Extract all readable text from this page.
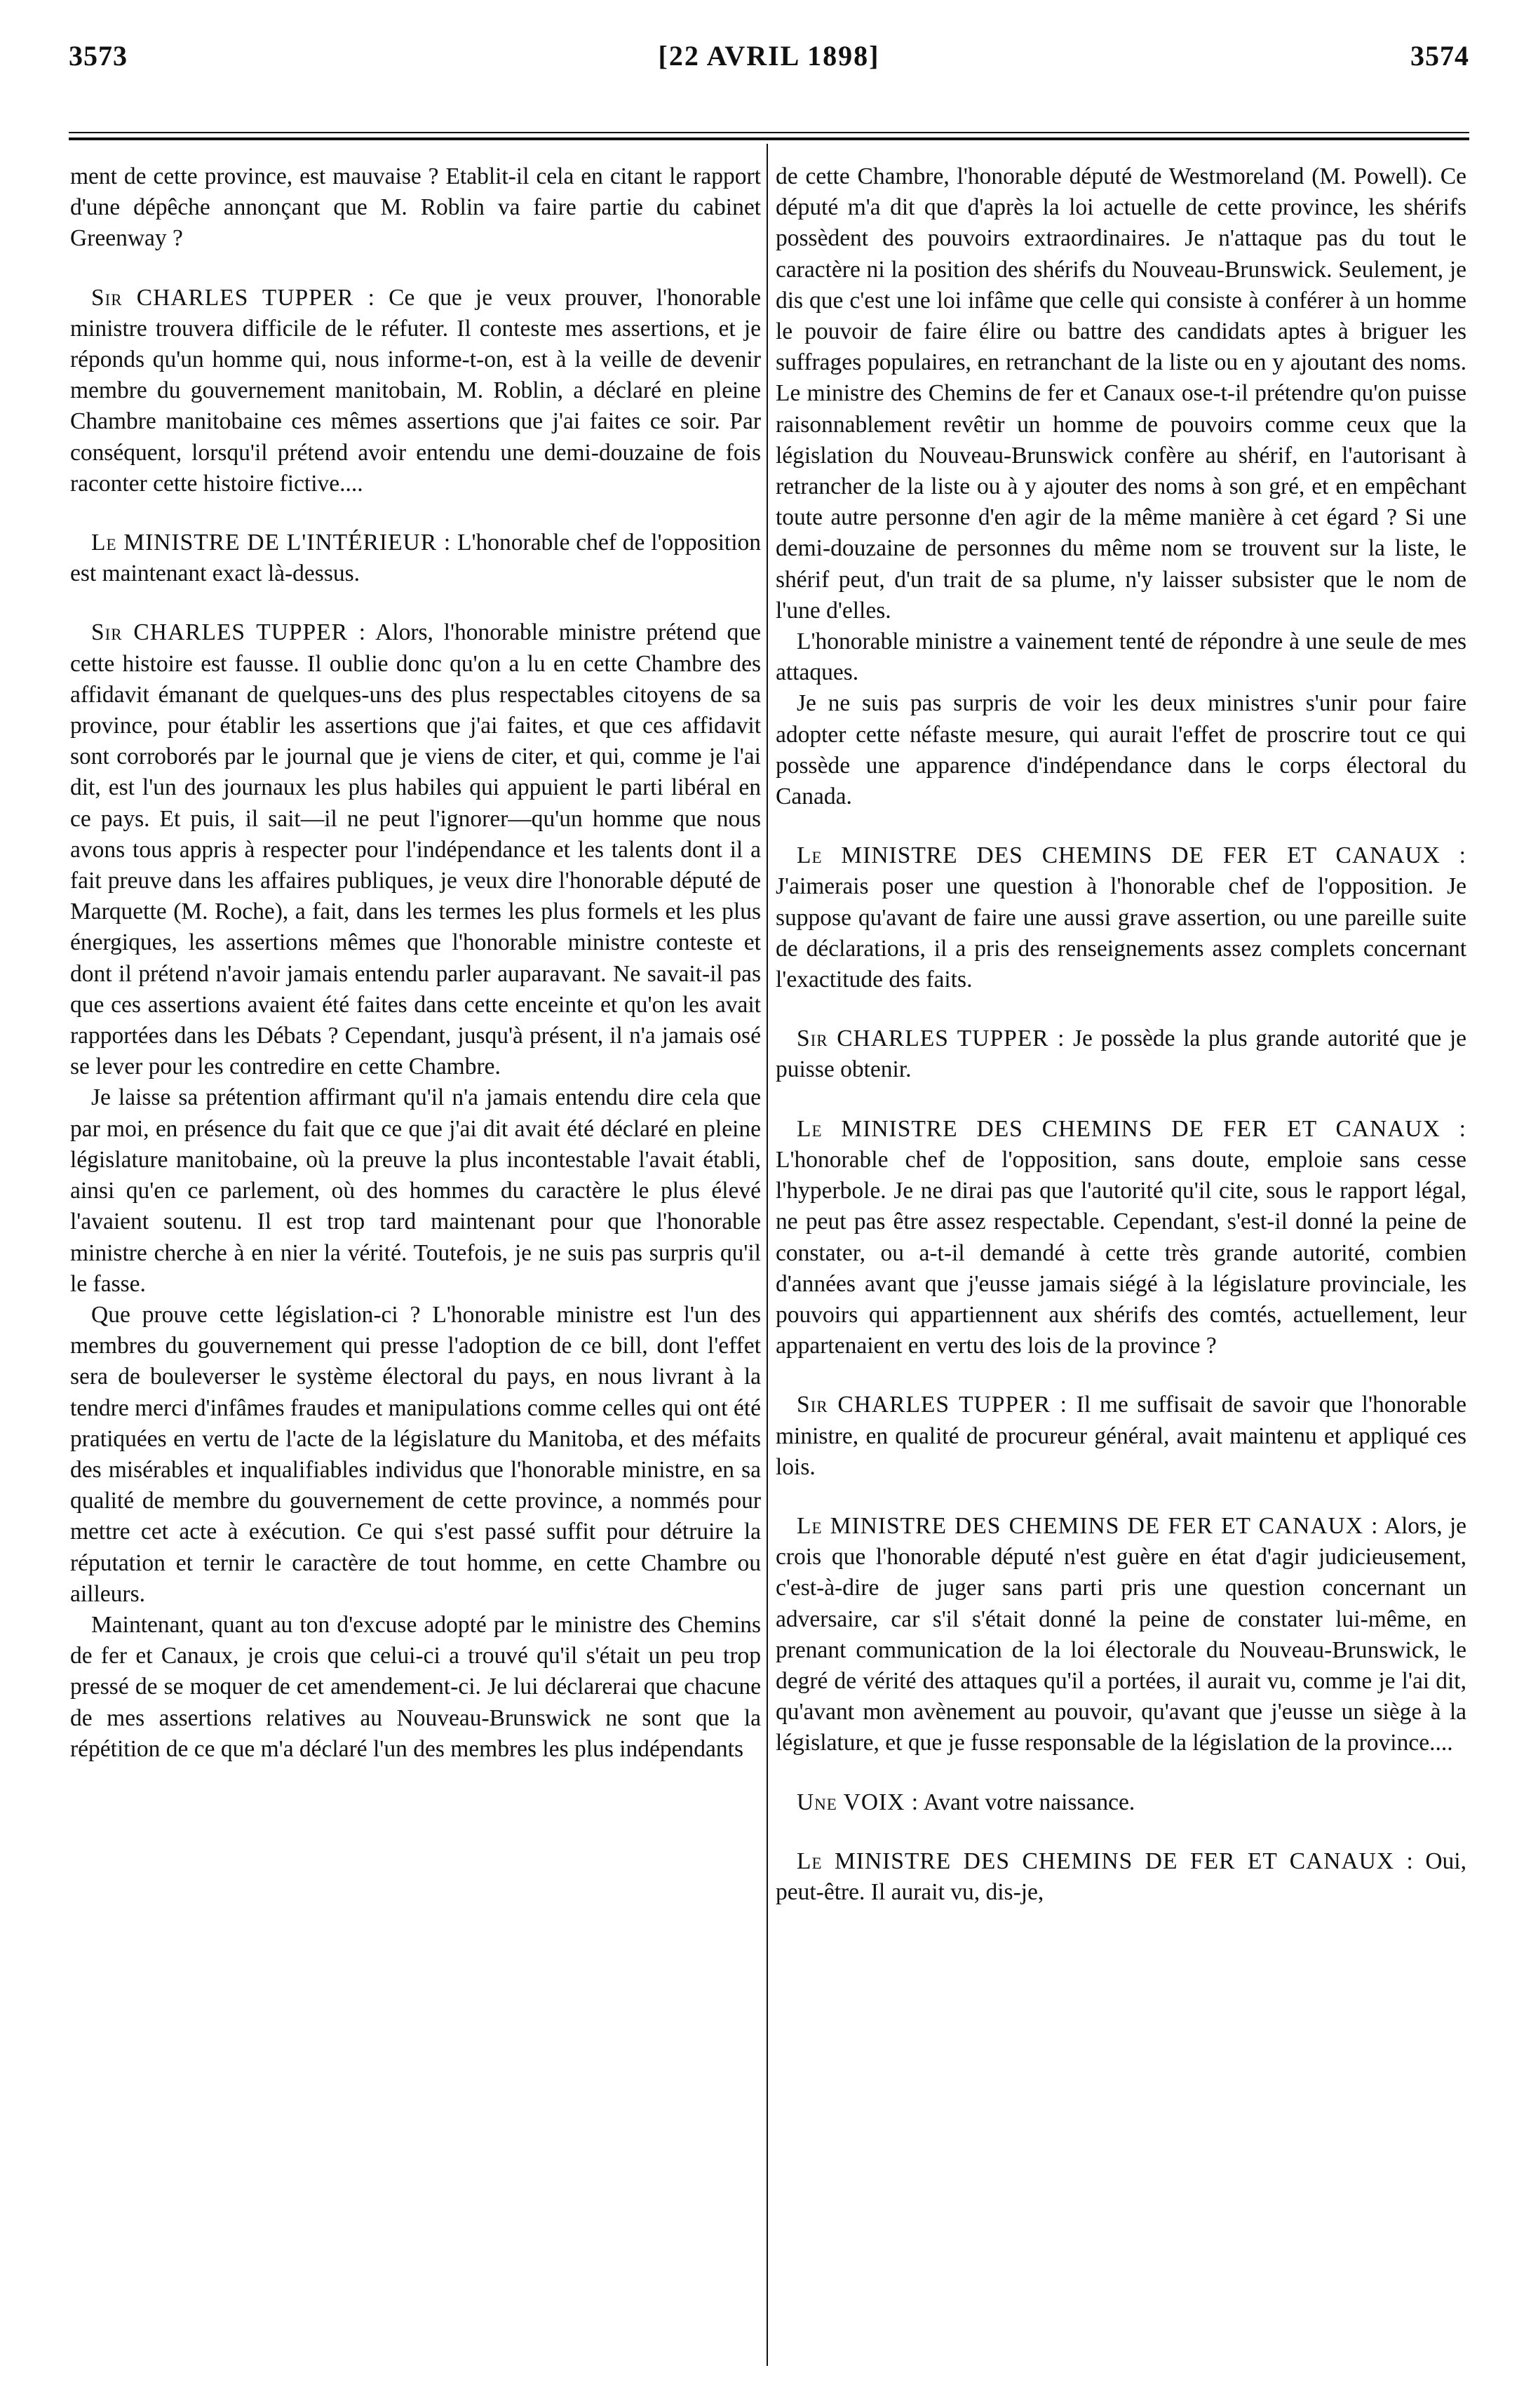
3573	[22 AVRIL 1898]	3574

ment de cette province, est mauvaise ? Etablit-il cela en citant le rapport d'une dépêche annonçant que M. Roblin va faire partie du cabinet Greenway ?

Sir CHARLES TUPPER : Ce que je veux prouver, l'honorable ministre trouvera difficile de le réfuter. Il conteste mes assertions, et je réponds qu'un homme qui, nous informe-t-on, est à la veille de devenir membre du gouvernement manitobain, M. Roblin, a déclaré en pleine Chambre manitobaine ces mêmes assertions que j'ai faites ce soir. Par conséquent, lorsqu'il prétend avoir entendu une demi-douzaine de fois raconter cette histoire fictive....

Le MINISTRE DE L'INTÉRIEUR : L'honorable chef de l'opposition est maintenant exact là-dessus.

Sir CHARLES TUPPER : Alors, l'honorable ministre prétend que cette histoire est fausse. Il oublie donc qu'on a lu en cette Chambre des affidavit émanant de quelques-uns des plus respectables citoyens de sa province, pour établir les assertions que j'ai faites, et que ces affidavit sont corroborés par le journal que je viens de citer, et qui, comme je l'ai dit, est l'un des journaux les plus habiles qui appuient le parti libéral en ce pays. Et puis, il sait—il ne peut l'ignorer—qu'un homme que nous avons tous appris à respecter pour l'indépendance et les talents dont il a fait preuve dans les affaires publiques, je veux dire l'honorable député de Marquette (M. Roche), a fait, dans les termes les plus formels et les plus énergiques, les assertions mêmes que l'honorable ministre conteste et dont il prétend n'avoir jamais entendu parler auparavant. Ne savait-il pas que ces assertions avaient été faites dans cette enceinte et qu'on les avait rapportées dans les Débats ? Cependant, jusqu'à présent, il n'a jamais osé se lever pour les contredire en cette Chambre.

Je laisse sa prétention affirmant qu'il n'a jamais entendu dire cela que par moi, en présence du fait que ce que j'ai dit avait été déclaré en pleine législature manitobaine, où la preuve la plus incontestable l'avait établi, ainsi qu'en ce parlement, où des hommes du caractère le plus élevé l'avaient soutenu. Il est trop tard maintenant pour que l'honorable ministre cherche à en nier la vérité. Toutefois, je ne suis pas surpris qu'il le fasse.

Que prouve cette législation-ci ? L'honorable ministre est l'un des membres du gouvernement qui presse l'adoption de ce bill, dont l'effet sera de bouleverser le système électoral du pays, en nous livrant à la tendre merci d'infâmes fraudes et manipulations comme celles qui ont été pratiquées en vertu de l'acte de la législature du Manitoba, et des méfaits des misérables et inqualifiables individus que l'honorable ministre, en sa qualité de membre du gouvernement de cette province, a nommés pour mettre cet acte à exécution. Ce qui s'est passé suffit pour détruire la réputation et ternir le caractère de tout homme, en cette Chambre ou ailleurs.

Maintenant, quant au ton d'excuse adopté par le ministre des Chemins de fer et Canaux, je crois que celui-ci a trouvé qu'il s'était un peu trop pressé de se moquer de cet amendement-ci. Je lui déclarerai que chacune de mes assertions relatives au Nouveau-Brunswick ne sont que la répétition de ce que m'a déclaré l'un des membres les plus indépendants

de cette Chambre, l'honorable député de Westmoreland (M. Powell). Ce député m'a dit que d'après la loi actuelle de cette province, les shérifs possèdent des pouvoirs extraordinaires. Je n'attaque pas du tout le caractère ni la position des shérifs du Nouveau-Brunswick. Seulement, je dis que c'est une loi infâme que celle qui consiste à conférer à un homme le pouvoir de faire élire ou battre des candidats aptes à briguer les suffrages populaires, en retranchant de la liste ou en y ajoutant des noms. Le ministre des Chemins de fer et Canaux ose-t-il prétendre qu'on puisse raisonnablement revêtir un homme de pouvoirs comme ceux que la législation du Nouveau-Brunswick confère au shérif, en l'autorisant à retrancher de la liste ou à y ajouter des noms à son gré, et en empêchant toute autre personne d'en agir de la même manière à cet égard ? Si une demi-douzaine de personnes du même nom se trouvent sur la liste, le shérif peut, d'un trait de sa plume, n'y laisser subsister que le nom de l'une d'elles.

L'honorable ministre a vainement tenté de répondre à une seule de mes attaques.

Je ne suis pas surpris de voir les deux ministres s'unir pour faire adopter cette néfaste mesure, qui aurait l'effet de proscrire tout ce qui possède une apparence d'indépendance dans le corps électoral du Canada.

Le MINISTRE DES CHEMINS DE FER ET CANAUX : J'aimerais poser une question à l'honorable chef de l'opposition. Je suppose qu'avant de faire une aussi grave assertion, ou une pareille suite de déclarations, il a pris des renseignements assez complets concernant l'exactitude des faits.

Sir CHARLES TUPPER : Je possède la plus grande autorité que je puisse obtenir.

Le MINISTRE DES CHEMINS DE FER ET CANAUX : L'honorable chef de l'opposition, sans doute, emploie sans cesse l'hyperbole. Je ne dirai pas que l'autorité qu'il cite, sous le rapport légal, ne peut pas être assez respectable. Cependant, s'est-il donné la peine de constater, ou a-t-il demandé à cette très grande autorité, combien d'années avant que j'eusse jamais siégé à la législature provinciale, les pouvoirs qui appartiennent aux shérifs des comtés, actuellement, leur appartenaient en vertu des lois de la province ?

Sir CHARLES TUPPER : Il me suffisait de savoir que l'honorable ministre, en qualité de procureur général, avait maintenu et appliqué ces lois.

Le MINISTRE DES CHEMINS DE FER ET CANAUX : Alors, je crois que l'honorable député n'est guère en état d'agir judicieusement, c'est-à-dire de juger sans parti pris une question concernant un adversaire, car s'il s'était donné la peine de constater lui-même, en prenant communication de la loi électorale du Nouveau-Brunswick, le degré de vérité des attaques qu'il a portées, il aurait vu, comme je l'ai dit, qu'avant mon avènement au pouvoir, qu'avant que j'eusse un siège à la législature, et que je fusse responsable de la législation de la province....

Une VOIX : Avant votre naissance.

Le MINISTRE DES CHEMINS DE FER ET CANAUX : Oui, peut-être. Il aurait vu, dis-je,
